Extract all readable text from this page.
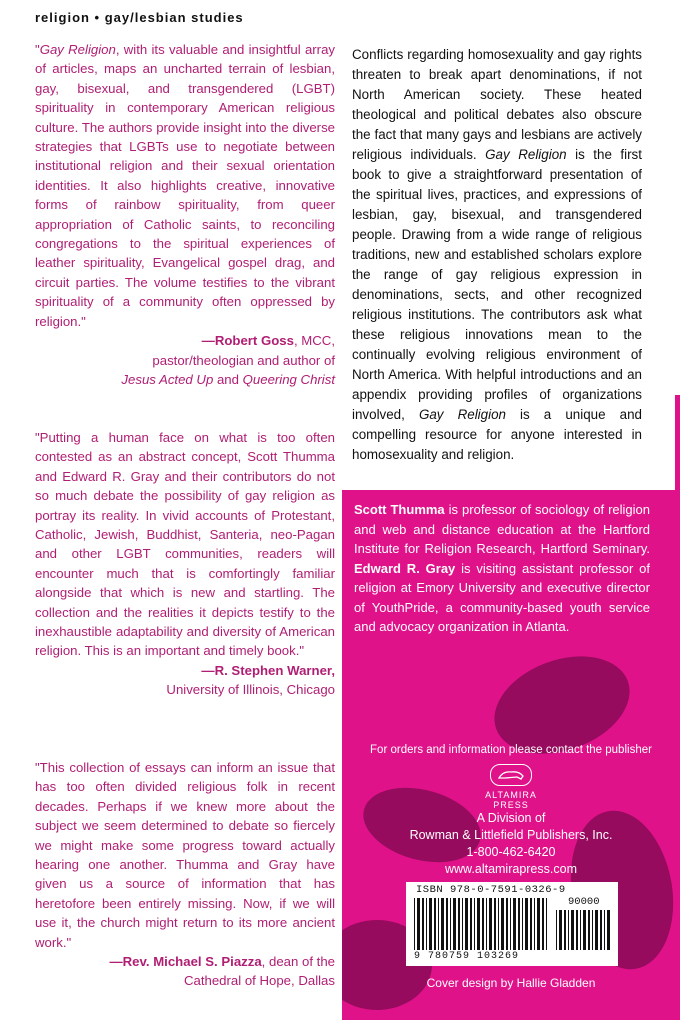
religion • gay/lesbian studies

"Gay Religion, with its valuable and insightful array of articles, maps an uncharted terrain of lesbian, gay, bisexual, and transgendered (LGBT) spirituality in contemporary American religious culture. The authors provide insight into the diverse strategies that LGBTs use to negotiate between institutional religion and their sexual orientation identities. It also highlights creative, innovative forms of rainbow spirituality, from queer appropriation of Catholic saints, to reconciling congregations to the spiritual experiences of leather spirituality, Evangelical gospel drag, and circuit parties. The volume testifies to the vibrant spirituality of a community often oppressed by religion."

—Robert Goss, MCC,

pastor/theologian and author of

Jesus Acted Up and Queering Christ

"Putting a human face on what is too often contested as an abstract concept, Scott Thumma and Edward R. Gray and their contributors do not so much debate the possibility of gay religion as portray its reality. In vivid accounts of Protestant, Catholic, Jewish, Buddhist, Santeria, neo-Pagan and other LGBT communities, readers will encounter much that is comfortingly familiar alongside that which is new and startling. The collection and the realities it depicts testify to the inexhaustible adaptability and diversity of American religion. This is an important and timely book."

—R. Stephen Warner,

University of Illinois, Chicago

"This collection of essays can inform an issue that has too often divided religious folk in recent decades. Perhaps if we knew more about the subject we seem determined to debate so fiercely we might make some progress toward actually hearing one another. Thumma and Gray have given us a source of information that has heretofore been entirely missing. Now, if we will use it, the church might return to its more ancient work."

—Rev. Michael S. Piazza, dean of the

Cathedral of Hope, Dallas

Conflicts regarding homosexuality and gay rights threaten to break apart denominations, if not North American society. These heated theological and political debates also obscure the fact that many gays and lesbians are actively religious individuals. Gay Religion is the first book to give a straightforward presentation of the spiritual lives, practices, and expressions of lesbian, gay, bisexual, and transgendered people. Drawing from a wide range of religious traditions, new and established scholars explore the range of gay religious expression in denominations, sects, and other recognized religious institutions. The contributors ask what these religious innovations mean to the continually evolving religious environment of North America. With helpful introductions and an appendix providing profiles of organizations involved, Gay Religion is a unique and compelling resource for anyone interested in homosexuality and religion.
Scott Thumma is professor of sociology of religion and web and distance education at the Hartford Institute for Religion Research, Hartford Seminary. Edward R. Gray is visiting assistant professor of religion at Emory University and executive director of YouthPride, a community-based youth service and advocacy organization in Atlanta.

For orders and information please contact the publisher

ALTAMIRA

PRESS

A Division of

Rowman & Littlefield Publishers, Inc.

1-800-462-6420

www.altamirapress.com

ISBN 978-0-7591-0326-9
90000
9 780759 103269
Cover design by Hallie Gladden
